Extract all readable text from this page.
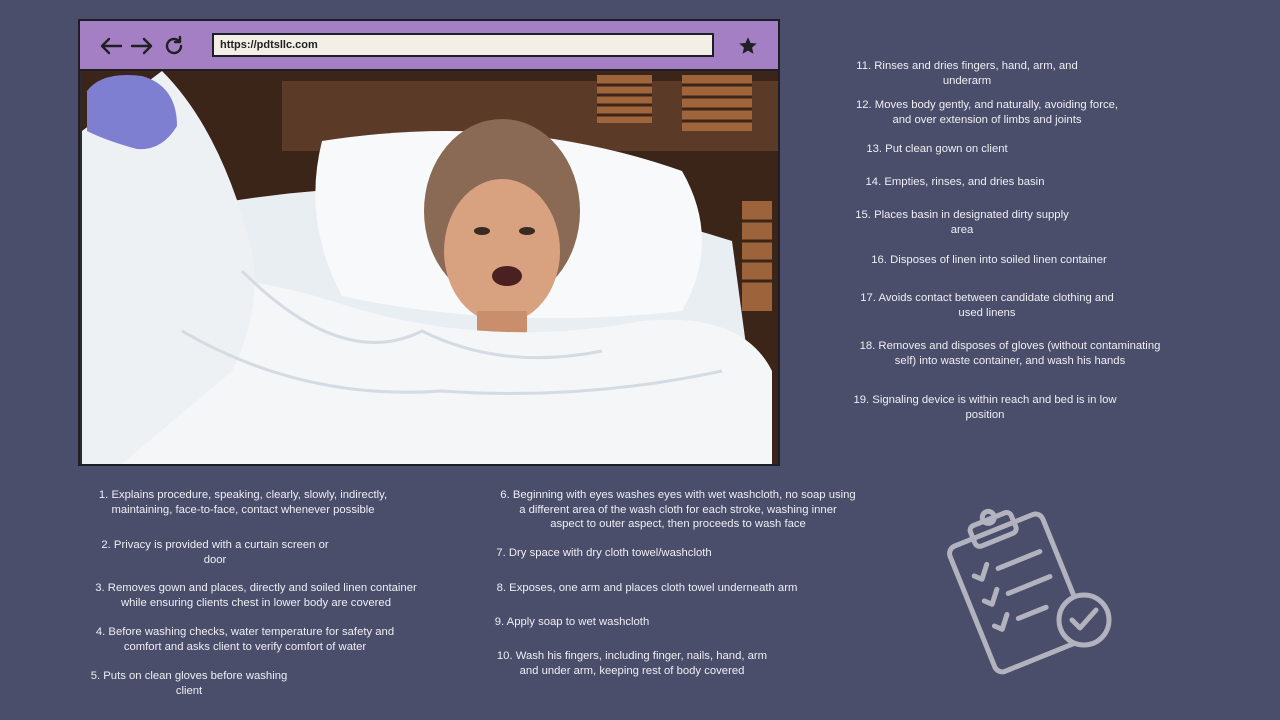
https://pdtsllc.com
11. Rinses and dries fingers, hand, arm, and
underarm
12. Moves body gently, and naturally, avoiding force,
and over extension of limbs and joints
13. Put clean gown on client
14. Empties, rinses, and dries basin
15. Places basin in designated dirty supply
area
16. Disposes of linen into soiled linen container
17. Avoids contact between candidate clothing and
used linens
18. Removes and disposes of gloves (without contaminating
self) into waste container, and wash his hands
19. Signaling device is within reach and bed is in low
position
1. Explains procedure, speaking, clearly, slowly, indirectly,
maintaining, face-to-face, contact whenever possible
2. Privacy is provided with a curtain screen or
door
3. Removes gown and places, directly and soiled linen container
while ensuring clients chest in lower body are covered
4. Before washing checks, water temperature for safety and
comfort and asks client to verify comfort of water
5. Puts on clean gloves before washing
client
6. Beginning with eyes washes eyes with wet washcloth, no soap using
a different area of the wash cloth for each stroke, washing inner
aspect to outer aspect, then proceeds to wash face
7. Dry space with dry cloth towel/washcloth
8. Exposes, one arm and places cloth towel underneath arm
9. Apply soap to wet washcloth
10. Wash his fingers, including finger, nails, hand, arm
and under arm, keeping rest of body covered
